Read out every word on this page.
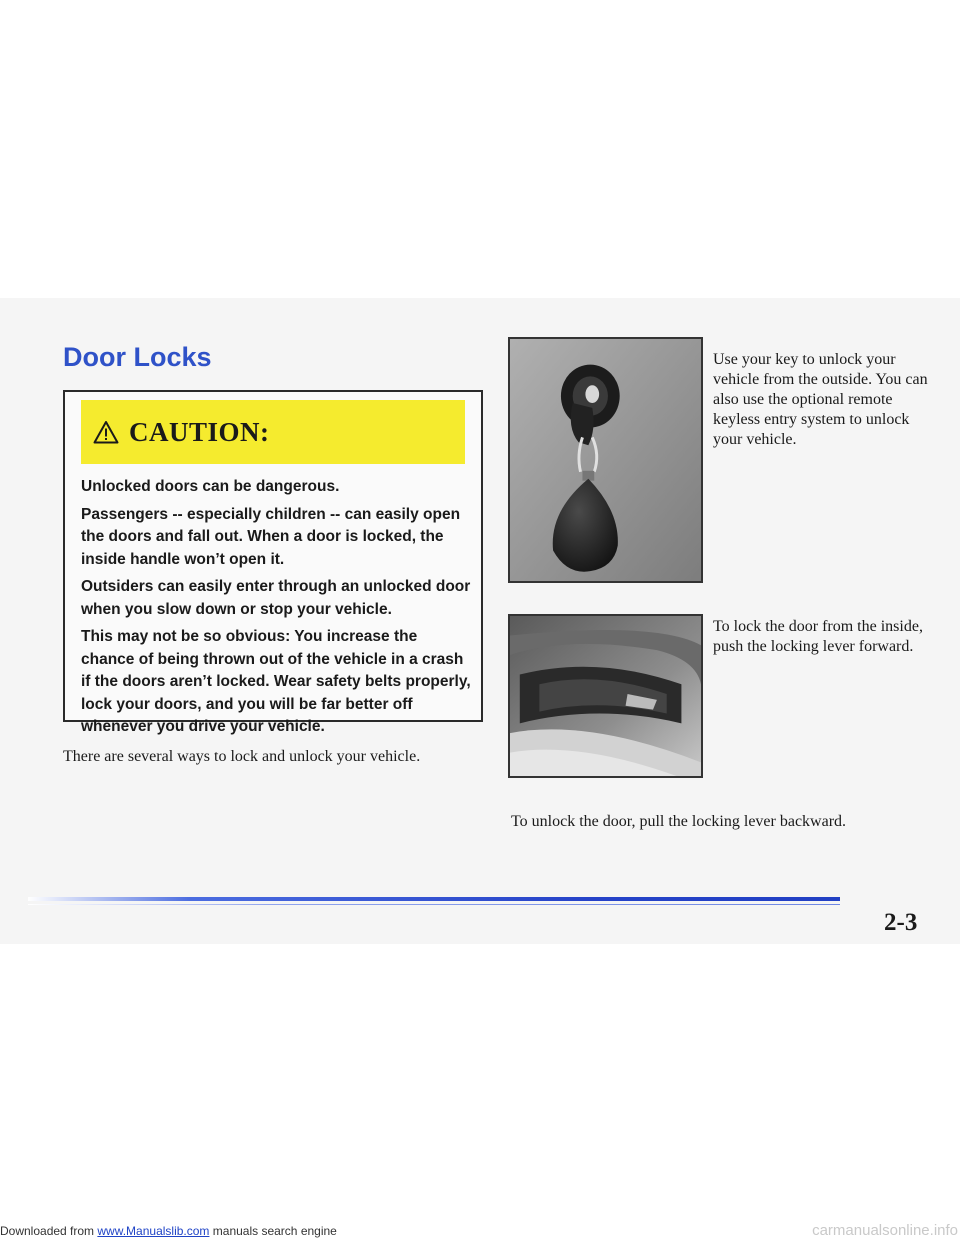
Door Locks
CAUTION:

Unlocked doors can be dangerous.

Passengers -- especially children -- can easily open the doors and fall out. When a door is locked, the inside handle won’t open it.

Outsiders can easily enter through an unlocked door when you slow down or stop your vehicle.

This may not be so obvious: You increase the chance of being thrown out of the vehicle in a crash if the doors aren’t locked. Wear safety belts properly, lock your doors, and you will be far better off whenever you drive your vehicle.

There are several ways to lock and unlock your vehicle.

Use your key to unlock your vehicle from the outside. You can also use the optional remote keyless entry system to unlock your vehicle.

To lock the door from the inside, push the locking lever forward.

To unlock the door, pull the locking lever backward.

2-3
Downloaded from www.Manualslib.com manuals search engine	carmanualsonline.info
